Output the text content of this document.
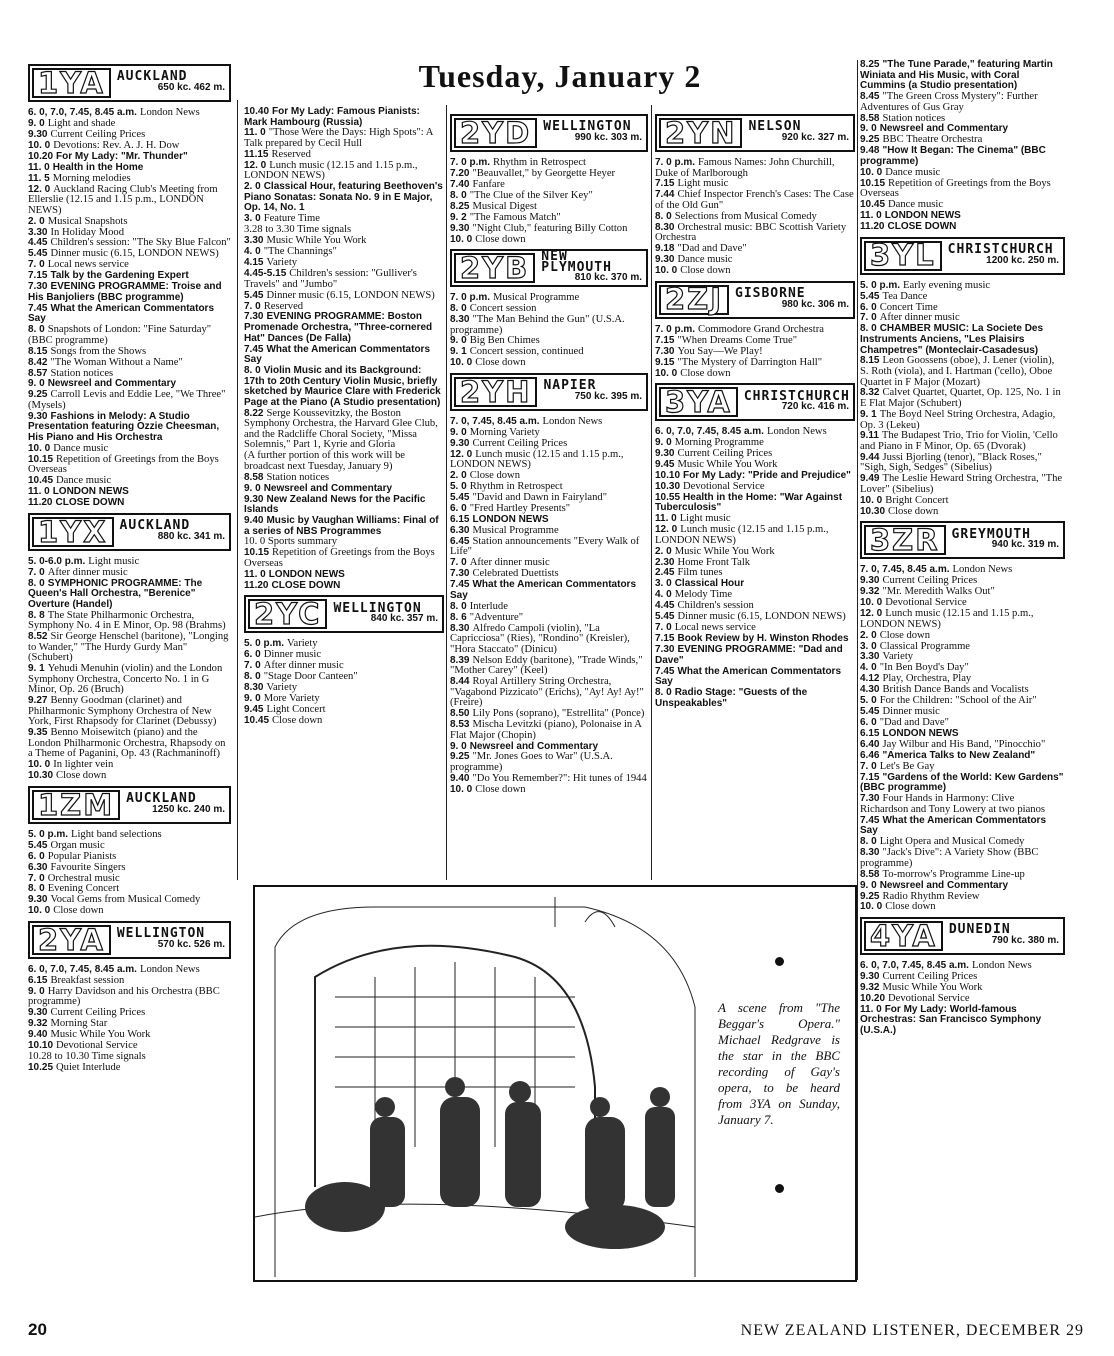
Tuesday, January 2
1YA AUCKLAND
650 kc. 462 m.
6. 0, 7.0, 7.45, 8.45 a.m. London News
9. 0 Light and shade
9.30 Current Ceiling Prices
10. 0 Devotions: Rev. A. J. H. Dow
10.20 For My Lady: "Mr. Thunder"
11. 0 Health in the Home
11. 5 Morning melodies
12. 0 Auckland Racing Club's Meeting from Ellerslie (12.15 and 1.15 p.m., LONDON NEWS)
2. 0 Musical Snapshots
3.30 In Holiday Mood
4.45 Children's session: "The Sky Blue Falcon"
5.45 Dinner music (6.15, LONDON NEWS)
7. 0 Local news service
7.15 Talk by the Gardening Expert
7.30 EVENING PROGRAMME: Troise and His Banjoliers (BBC programme)
7.45 What the American Commentators Say
8. 0 Snapshots of London: "Fine Saturday" (BBC programme)
8.15 Songs from the Shows
8.42 "The Woman Without a Name"
8.57 Station notices
9. 0 Newsreel and Commentary
9.25 Carroll Levis and Eddie Lee, "We Three" (Mysels)
9.30 Fashions in Melody: A Studio Presentation featuring Ozzie Cheesman, His Piano and His Orchestra
10. 0 Dance music
10.15 Repetition of Greetings from the Boys Overseas
10.45 Dance music
11. 0 LONDON NEWS
11.20 CLOSE DOWN
1YX AUCKLAND
880 kc. 341 m.
5. 0-6.0 p.m. Light music
7. 0 After dinner music
8. 0 SYMPHONIC PROGRAMME: The Queen's Hall Orchestra, "Berenice" Overture (Handel)
8. 8 The State Philharmonic Orchestra, Symphony No. 4 in E Minor, Op. 98 (Brahms)
8.52 Sir George Henschel (baritone), "Longing to Wander," "The Hurdy Gurdy Man" (Schubert)
9. 1 Yehudi Menuhin (violin) and the London Symphony Orchestra, Concerto No. 1 in G Minor, Op. 26 (Bruch)
9.27 Benny Goodman (clarinet) and Philharmonic Symphony Orchestra of New York, First Rhapsody for Clarinet (Debussy)
9.35 Benno Moisewitch (piano) and the London Philharmonic Orchestra, Rhapsody on a Theme of Paganini, Op. 43 (Rachmaninoff)
10. 0 In lighter vein
10.30 Close down
1ZM AUCKLAND
1250 kc. 240 m.
5. 0 p.m. Light band selections
5.45 Organ music
6. 0 Popular Pianists
6.30 Favourite Singers
7. 0 Orchestral music
8. 0 Evening Concert
9.30 Vocal Gems from Musical Comedy
10. 0 Close down
2YA WELLINGTON
570 kc. 526 m.
6. 0, 7.0, 7.45, 8.45 a.m. London News
6.15 Breakfast session
9. 0 Harry Davidson and his Orchestra (BBC programme)
9.30 Current Ceiling Prices
9.32 Morning Star
9.40 Music While You Work
10.10 Devotional Service
10.28 to 10.30 Time signals
10.25 Quiet Interlude
10.40 For My Lady: Famous Pianists: Mark Hambourg (Russia)
11. 0 "Those Were the Days: High Spots": A Talk prepared by Cecil Hull
11.15 Reserved
12. 0 Lunch music (12.15 and 1.15 p.m., LONDON NEWS)
2. 0 Classical Hour, featuring Beethoven's Piano Sonatas: Sonata No. 9 in E Major, Op. 14, No. 1
3. 0 Feature Time
3.28 to 3.30 Time signals
3.30 Music While You Work
4. 0 "The Channings"
4.15 Variety
4.45-5.15 Children's session: "Gulliver's Travels" and "Jumbo"
5.45 Dinner music (6.15, LONDON NEWS)
7. 0 Reserved
7.30 EVENING PROGRAMME: Boston Promenade Orchestra, "Three-cornered Hat" Dances (De Falla)
7.45 What the American Commentators Say
8. 0 Violin Music and its Background: 17th to 20th Century Violin Music, briefly sketched by Maurice Clare with Frederick Page at the Piano (A Studio presentation)
8.22 Serge Koussevitzky, the Boston Symphony Orchestra, the Harvard Glee Club, and the Radcliffe Choral Society, "Missa Solemnis," Part 1, Kyrie and Gloria
(A further portion of this work will be broadcast next Tuesday, January 9)
8.58 Station notices
9. 0 Newsreel and Commentary
9.30 New Zealand News for the Pacific Islands
9.40 Music by Vaughan Williams: Final of a series of NBS Programmes
10. 0 Sports summary
10.15 Repetition of Greetings from the Boys Overseas
11. 0 LONDON NEWS
11.20 CLOSE DOWN
2YC WELLINGTON
840 kc. 357 m.
5. 0 p.m. Variety
6. 0 Dinner music
7. 0 After dinner music
8. 0 "Stage Door Canteen"
8.30 Variety
9. 0 More Variety
9.45 Light Concert
10.45 Close down
2YD WELLINGTON
990 kc. 303 m.
7. 0 p.m. Rhythm in Retrospect
7.20 "Beauvallet," by Georgette Heyer
7.40 Fanfare
8. 0 "The Clue of the Silver Key"
8.25 Musical Digest
9. 2 "The Famous Match"
9.30 "Night Club," featuring Billy Cotton
10. 0 Close down
2YB NEW PLYMOUTH
810 kc. 370 m.
7. 0 p.m. Musical Programme
8. 0 Concert session
8.30 "The Man Behind the Gun" (U.S.A. programme)
9. 0 Big Ben Chimes
9. 1 Concert session, continued
10. 0 Close down
2YH NAPIER
750 kc. 395 m.
7. 0, 7.45, 8.45 a.m. London News
9. 0 Morning Variety
9.30 Current Ceiling Prices
12. 0 Lunch music (12.15 and 1.15 p.m., LONDON NEWS)
2. 0 Close down
5. 0 Rhythm in Retrospect
5.45 "David and Dawn in Fairyland"
6. 0 "Fred Hartley Presents"
6.15 LONDON NEWS
6.30 Musical Programme
6.45 Station announcements "Every Walk of Life"
7. 0 After dinner music
7.30 Celebrated Duettists
7.45 What the American Commentators Say
8. 0 Interlude
8. 6 "Adventure"
8.30 Alfredo Campoli (violin), "La Capricciosa" (Ries), "Rondino" (Kreisler), "Hora Staccato" (Dinicu)
8.39 Nelson Eddy (baritone), "Trade Winds," "Mother Carey" (Keel)
8.44 Royal Artillery String Orchestra, "Vagabond Pizzicato" (Erichs), "Ay! Ay! Ay!" (Freire)
8.50 Lily Pons (soprano), "Estrellita" (Ponce)
8.53 Mischa Levitzki (piano), Polonaise in A Flat Major (Chopin)
9. 0 Newsreel and Commentary
9.25 "Mr. Jones Goes to War" (U.S.A. programme)
9.40 "Do You Remember?": Hit tunes of 1944
10. 0 Close down
2YN NELSON
920 kc. 327 m.
7. 0 p.m. Famous Names: John Churchill, Duke of Marlborough
7.15 Light music
7.44 Chief Inspector French's Cases: The Case of the Old Gun"
8. 0 Selections from Musical Comedy
8.30 Orchestral music: BBC Scottish Variety Orchestra
9.18 "Dad and Dave"
9.30 Dance music
10. 0 Close down
2ZJ GISBORNE
980 kc. 306 m.
7. 0 p.m. Commodore Grand Orchestra
7.15 "When Dreams Come True"
7.30 You Say—We Play!
9.15 "The Mystery of Darrington Hall"
10. 0 Close down
3YA CHRISTCHURCH
720 kc. 416 m.
6. 0, 7.0, 7.45, 8.45 a.m. London News
9. 0 Morning Programme
9.30 Current Ceiling Prices
9.45 Music While You Work
10.10 For My Lady: "Pride and Prejudice"
10.30 Devotional Service
10.55 Health in the Home: "War Against Tuberculosis"
11. 0 Light music
12. 0 Lunch music (12.15 and 1.15 p.m., LONDON NEWS)
2. 0 Music While You Work
2.30 Home Front Talk
2.45 Film tunes
3. 0 Classical Hour
4. 0 Melody Time
4.45 Children's session
5.45 Dinner music (6.15, LONDON NEWS)
7. 0 Local news service
7.15 Book Review by H. Winston Rhodes
7.30 EVENING PROGRAMME: "Dad and Dave"
7.45 What the American Commentators Say
8. 0 Radio Stage: "Guests of the Unspeakables"
8.25 "The Tune Parade," featuring Martin Winiata and His Music, with Coral Cummins (a Studio presentation)
8.45 "The Green Cross Mystery": Further Adventures of Gus Gray
8.58 Station notices
9. 0 Newsreel and Commentary
9.25 BBC Theatre Orchestra
9.48 "How It Began: The Cinema" (BBC programme)
10. 0 Dance music
10.15 Repetition of Greetings from the Boys Overseas
10.45 Dance music
11. 0 LONDON NEWS
11.20 CLOSE DOWN
3YL CHRISTCHURCH
1200 kc. 250 m.
5. 0 p.m. Early evening music
5.45 Tea Dance
6. 0 Concert Time
7. 0 After dinner music
8. 0 CHAMBER MUSIC: La Societe Des Instruments Anciens, "Les Plaisirs Champetres" (Monteclair-Casadesus)
8.15 Leon Goossens (oboe), J. Lener (violin), S. Roth (viola), and I. Hartman ('cello), Oboe Quartet in F Major (Mozart)
8.32 Calvet Quartet, Quartet, Op. 125, No. 1 in E Flat Major (Schubert)
9. 1 The Boyd Neel String Orchestra, Adagio, Op. 3 (Lekeu)
9.11 The Budapest Trio, Trio for Violin, 'Cello and Piano in F Minor, Op. 65 (Dvorak)
9.44 Jussi Bjorling (tenor), "Black Roses," "Sigh, Sigh, Sedges" (Sibelius)
9.49 The Leslie Heward String Orchestra, "The Lover" (Sibelius)
10. 0 Bright Concert
10.30 Close down
3ZR GREYMOUTH
940 kc. 319 m.
7. 0, 7.45, 8.45 a.m. London News
9.30 Current Ceiling Prices
9.32 "Mr. Meredith Walks Out"
10. 0 Devotional Service
12. 0 Lunch music (12.15 and 1.15 p.m., LONDON NEWS)
2. 0 Close down
3. 0 Classical Programme
3.30 Variety
4. 0 "In Ben Boyd's Day"
4.12 Play, Orchestra, Play
4.30 British Dance Bands and Vocalists
5. 0 For the Children: "School of the Air"
5.45 Dinner music
6. 0 "Dad and Dave"
6.15 LONDON NEWS
6.40 Jay Wilbur and His Band, "Pinocchio"
6.46 "America Talks to New Zealand"
7. 0 Let's Be Gay
7.15 "Gardens of the World: Kew Gardens" (BBC programme)
7.30 Four Hands in Harmony: Clive Richardson and Tony Lowery at two pianos
7.45 What the American Commentators Say
8. 0 Light Opera and Musical Comedy
8.30 "Jack's Dive": A Variety Show (BBC programme)
8.58 To-morrow's Programme Line-up
9. 0 Newsreel and Commentary
9.25 Radio Rhythm Review
10. 0 Close down
4YA DUNEDIN
790 kc. 380 m.
6. 0, 7.0, 7.45, 8.45 a.m. London News
9.30 Current Ceiling Prices
9.32 Music While You Work
10.20 Devotional Service
11. 0 For My Lady: World-famous Orchestras: San Francisco Symphony (U.S.A.)
A scene from "The Beggar's Opera." Michael Redgrave is the star in the BBC recording of Gay's opera, to be heard from 3YA on Sunday, January 7.
20	NEW ZEALAND LISTENER, DECEMBER 29
